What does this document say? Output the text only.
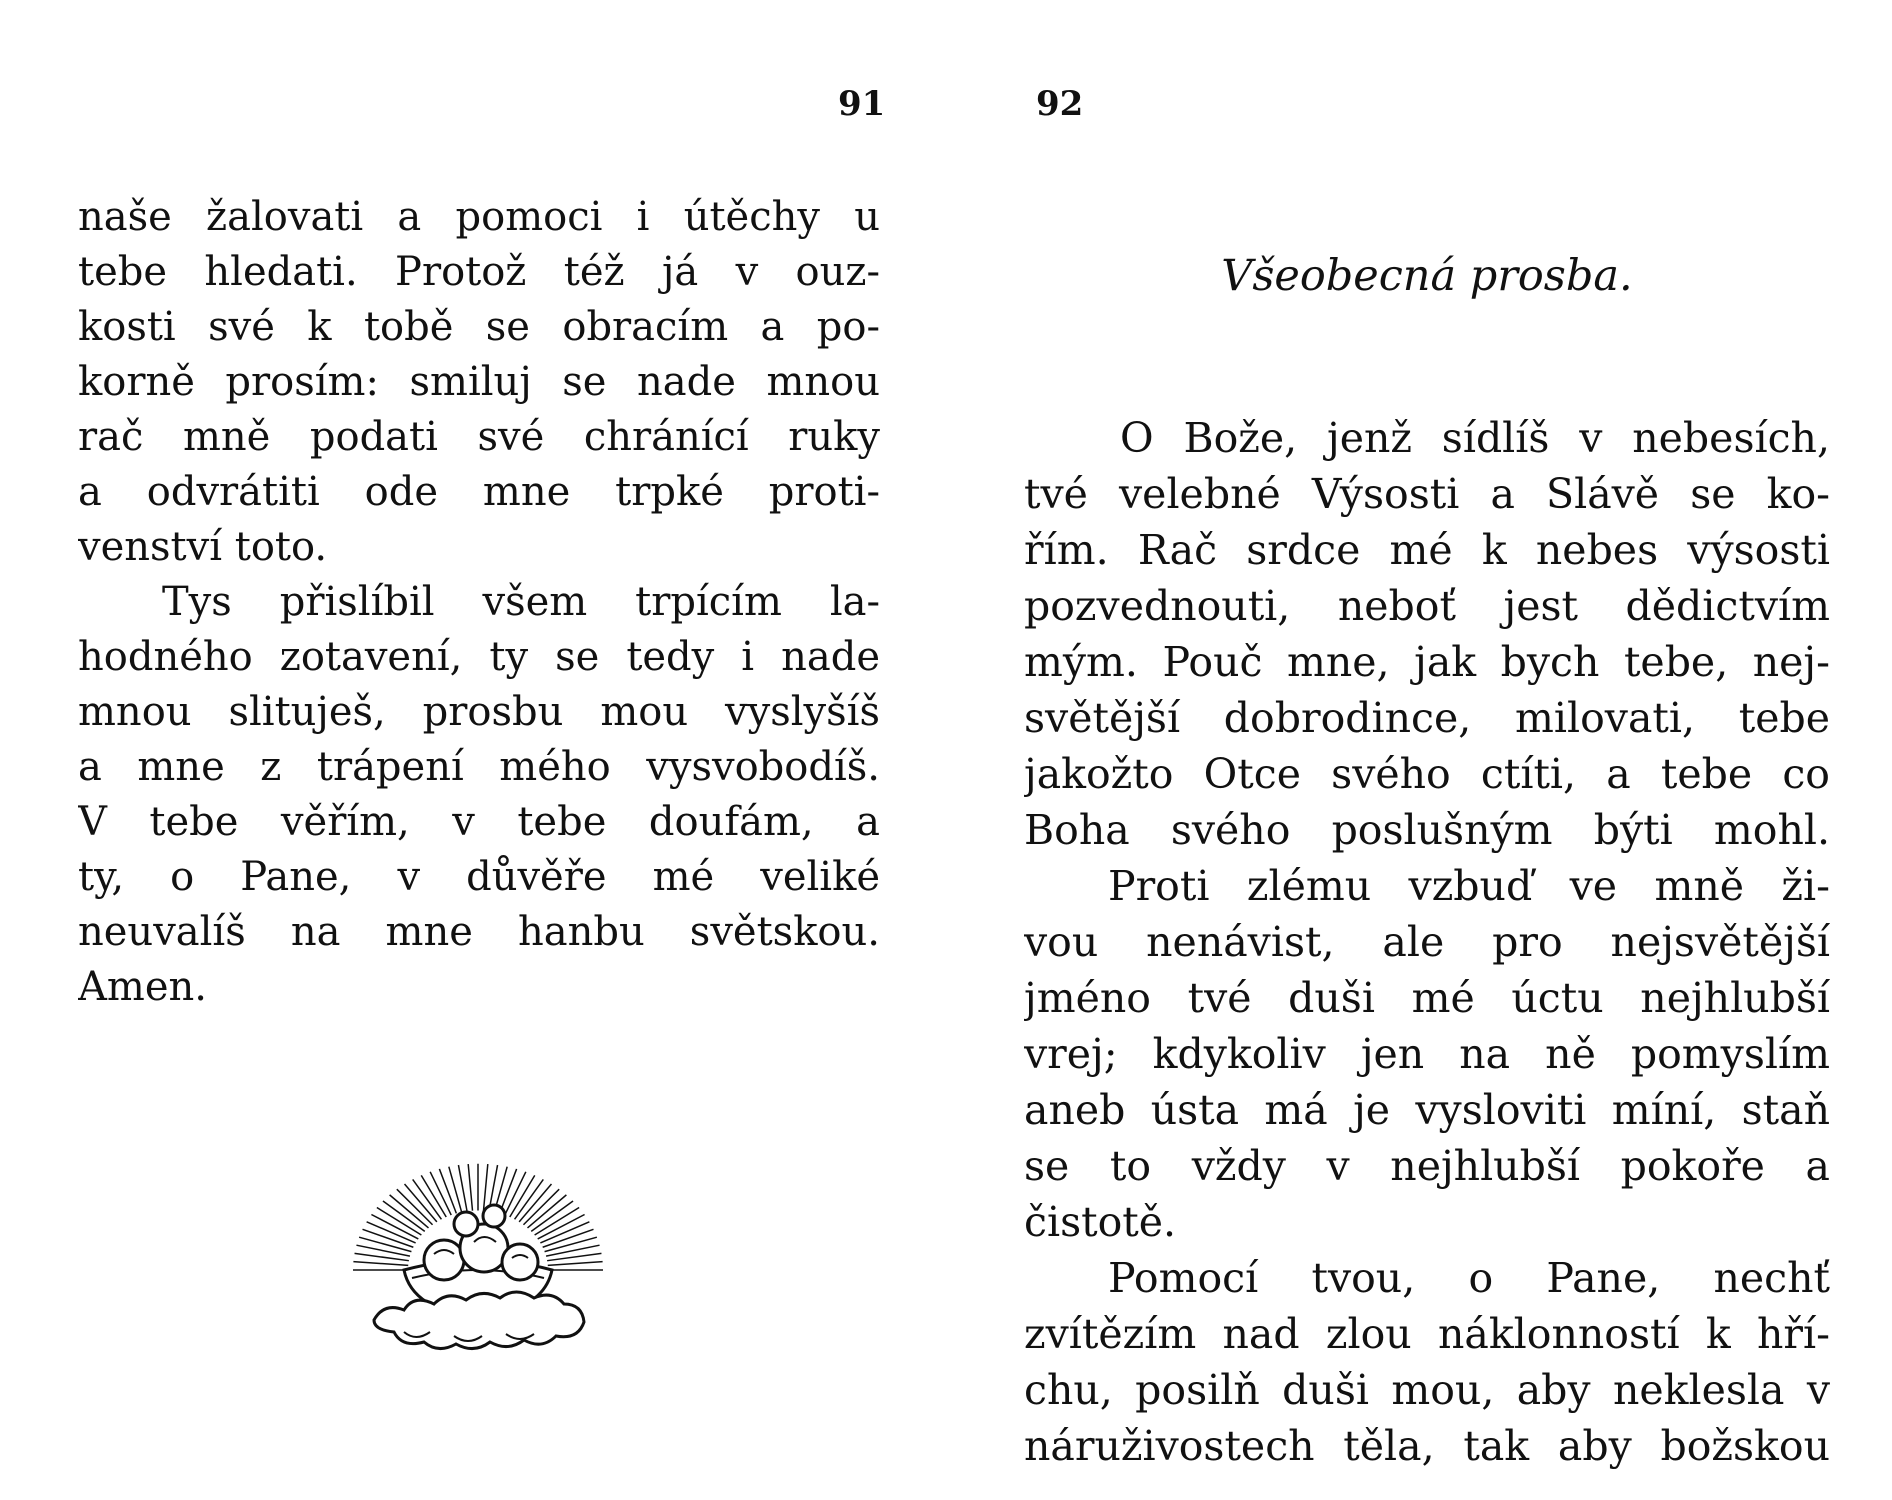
91
naše žalovati a pomoci i útěchy u
tebe hledati. Protož též já v ouz-
kosti své k tobě se obracím a po-
korně prosím: smiluj se nade mnou
rač mně podati své chránící ruky
a odvrátiti ode mne trpké proti-
venství toto.
Tys přislíbil všem trpícím la-
hodného zotavení, ty se tedy i nade
mnou slituješ, prosbu mou vyslyšíš
a mne z trápení mého vysvobodíš.
V tebe věřím, v tebe doufám, a
ty, o Pane, v důvěře mé veliké
neuvalíš na mne hanbu světskou.
Amen.
92
Všeobecná prosba.
O Bože, jenž sídlíš v nebesích,
tvé velebné Výsosti a Slávě se ko-
řím. Rač srdce mé k nebes výsosti
pozvednouti, neboť jest dědictvím
mým. Pouč mne, jak bych tebe, nej-
světější dobrodince, milovati, tebe
jakožto Otce svého ctíti, a tebe co
Boha svého poslušným býti mohl.
Proti zlému vzbuď ve mně ži-
vou nenávist, ale pro nejsvětější
jméno tvé duši mé úctu nejhlubší
vrej; kdykoliv jen na ně pomyslím
aneb ústa má je vysloviti míní, staň
se to vždy v nejhlubší pokoře a
čistotě.
Pomocí tvou, o Pane, nechť
zvítězím nad zlou náklonností k hří-
chu, posilň duši mou, aby neklesla v
náruživostech těla, tak aby božskou
